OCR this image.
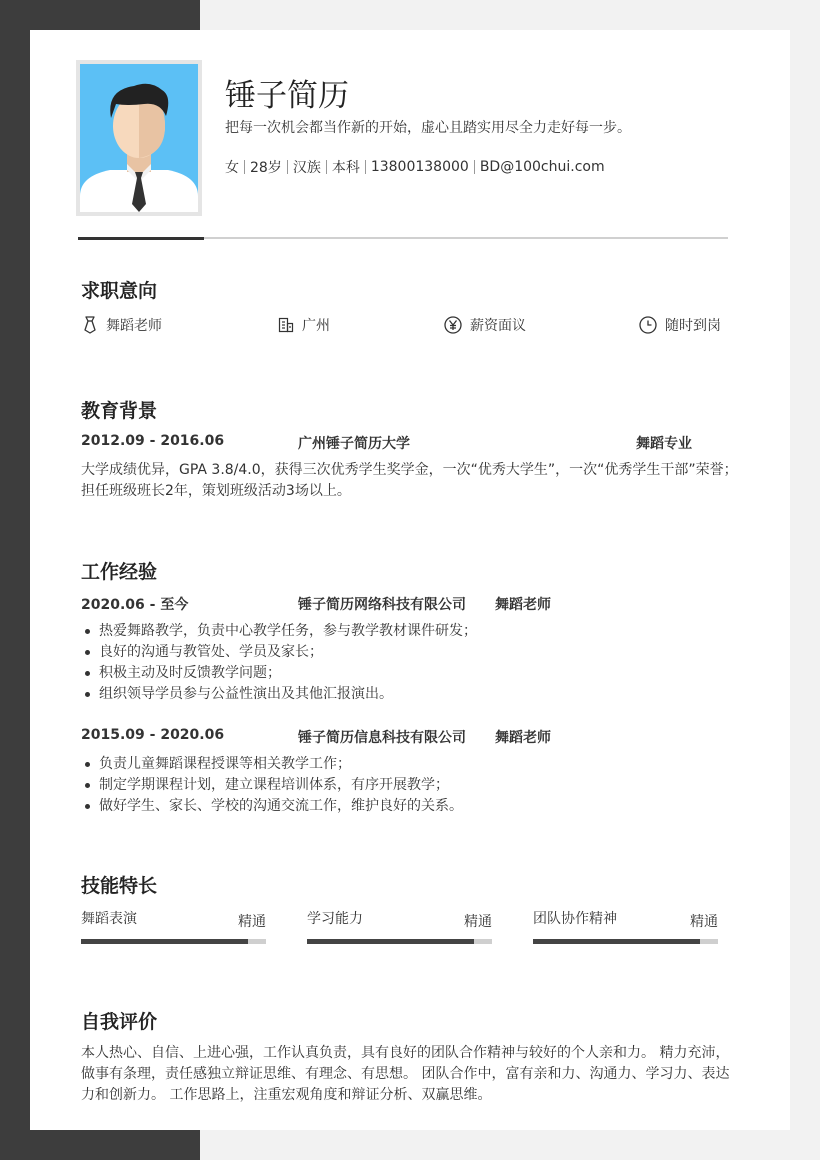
锤子简历
把每一次机会都当作新的开始，虚心且踏实用尽全力走好每一步。
女 28岁 汉族 本科 13800138000 BD@100chui.com
求职意向
舞蹈老师	广州	薪资面议	随时到岗
教育背景
2012.09 - 2016.06	广州锤子简历大学	舞蹈专业
大学成绩优异，GPA 3.8/4.0，获得三次优秀学生奖学金，一次“优秀大学生”，一次“优秀学生干部”荣誉；担任班级班长2年，策划班级活动3场以上。
工作经验
2020.06 - 至今	锤子简历网络科技有限公司 舞蹈老师
热爱舞路教学，负责中心教学任务，参与教学教材课件研发；
良好的沟通与教管处、学员及家长；
积极主动及时反馈教学问题；
组织领导学员参与公益性演出及其他汇报演出。
2015.09 - 2020.06	锤子简历信息科技有限公司 舞蹈老师
负责儿童舞蹈课程授课等相关教学工作；
制定学期课程计划，建立课程培训体系，有序开展教学；
做好学生、家长、学校的沟通交流工作，维护良好的关系。
技能特长
舞蹈表演	精通	学习能力	精通	团队协作精神	精通
自我评价
本人热心、自信、上进心强，工作认真负责，具有良好的团队合作精神与较好的个人亲和力。 精力充沛，做事有条理，责任感独立辩证思维、有理念、有思想。 团队合作中，富有亲和力、沟通力、学习力、表达力和创新力。 工作思路上，注重宏观角度和辩证分析、双赢思维。
